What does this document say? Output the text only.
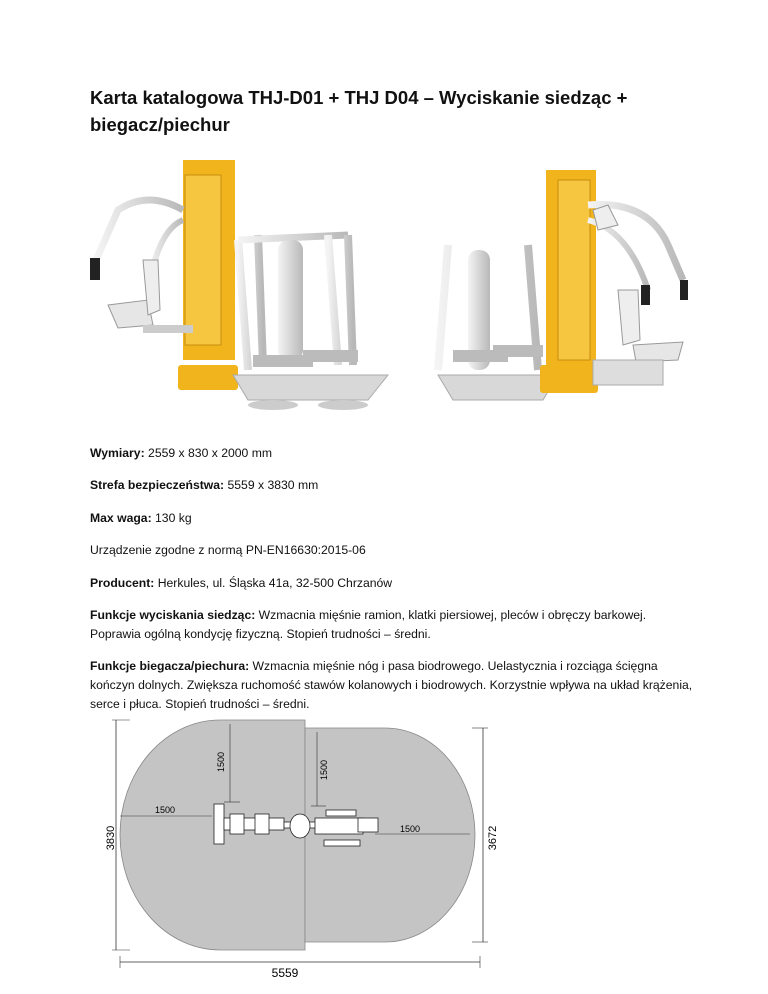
Karta katalogowa THJ-D01 + THJ D04 – Wyciskanie siedząc + biegacz/piechur

Wymiary: 2559 x 830 x 2000 mm

Strefa bezpieczeństwa: 5559 x 3830 mm

Max waga: 130 kg

Urządzenie zgodne z normą PN-EN16630:2015-06

Producent: Herkules, ul. Śląska 41a, 32-500 Chrzanów

Funkcje wyciskania siedząc: Wzmacnia mięśnie ramion, klatki piersiowej, pleców i obręczy barkowej. Poprawia ogólną kondycję fizyczną. Stopień trudności – średni.

Funkcje biegacza/piechura: Wzmacnia mięśnie nóg i pasa biodrowego. Uelastycznia i rozciąga ścięgna kończyn dolnych. Zwiększa ruchomość stawów kolanowych i biodrowych. Korzystnie wpływa na układ krążenia, serce i płuca. Stopień trudności – średni.

3830	3672
5559
1500	1500
1500
1500
